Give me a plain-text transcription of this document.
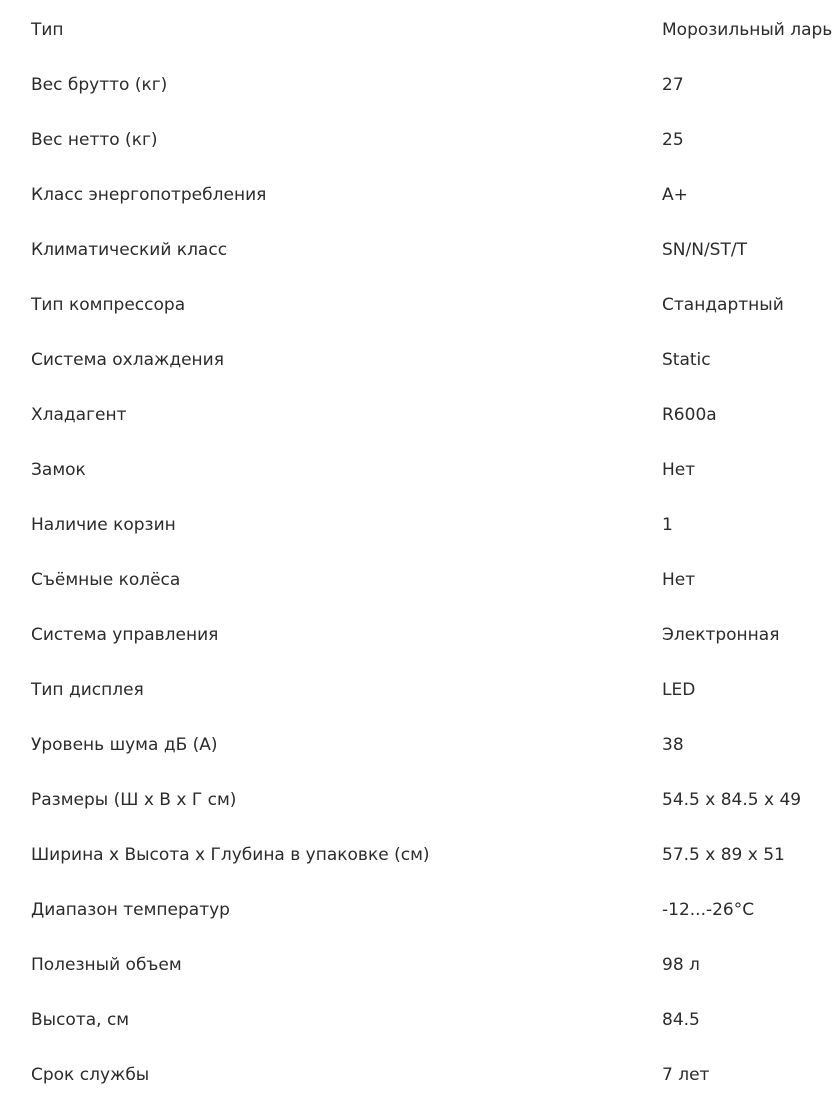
Тип	Морозильный ларь
Вес брутто (кг)	27
Вес нетто (кг)	25
Класс энергопотребления	A+
Климатический класс	SN/N/ST/T
Тип компрессора	Стандартный
Система охлаждения	Static
Хладагент	R600a
Замок	Нет
Наличие корзин	1
Съёмные колёса	Нет
Система управления	Электронная
Тип дисплея	LED
Уровень шума дБ (А)	38
Размеры (Ш х В х Г см)	54.5 х 84.5 х 49
Ширина х Высота х Глубина в упаковке (см)	57.5 х 89 х 51
Диапазон температур	-12...-26°С
Полезный объем	98 л
Высота, см	84.5
Срок службы	7 лет
